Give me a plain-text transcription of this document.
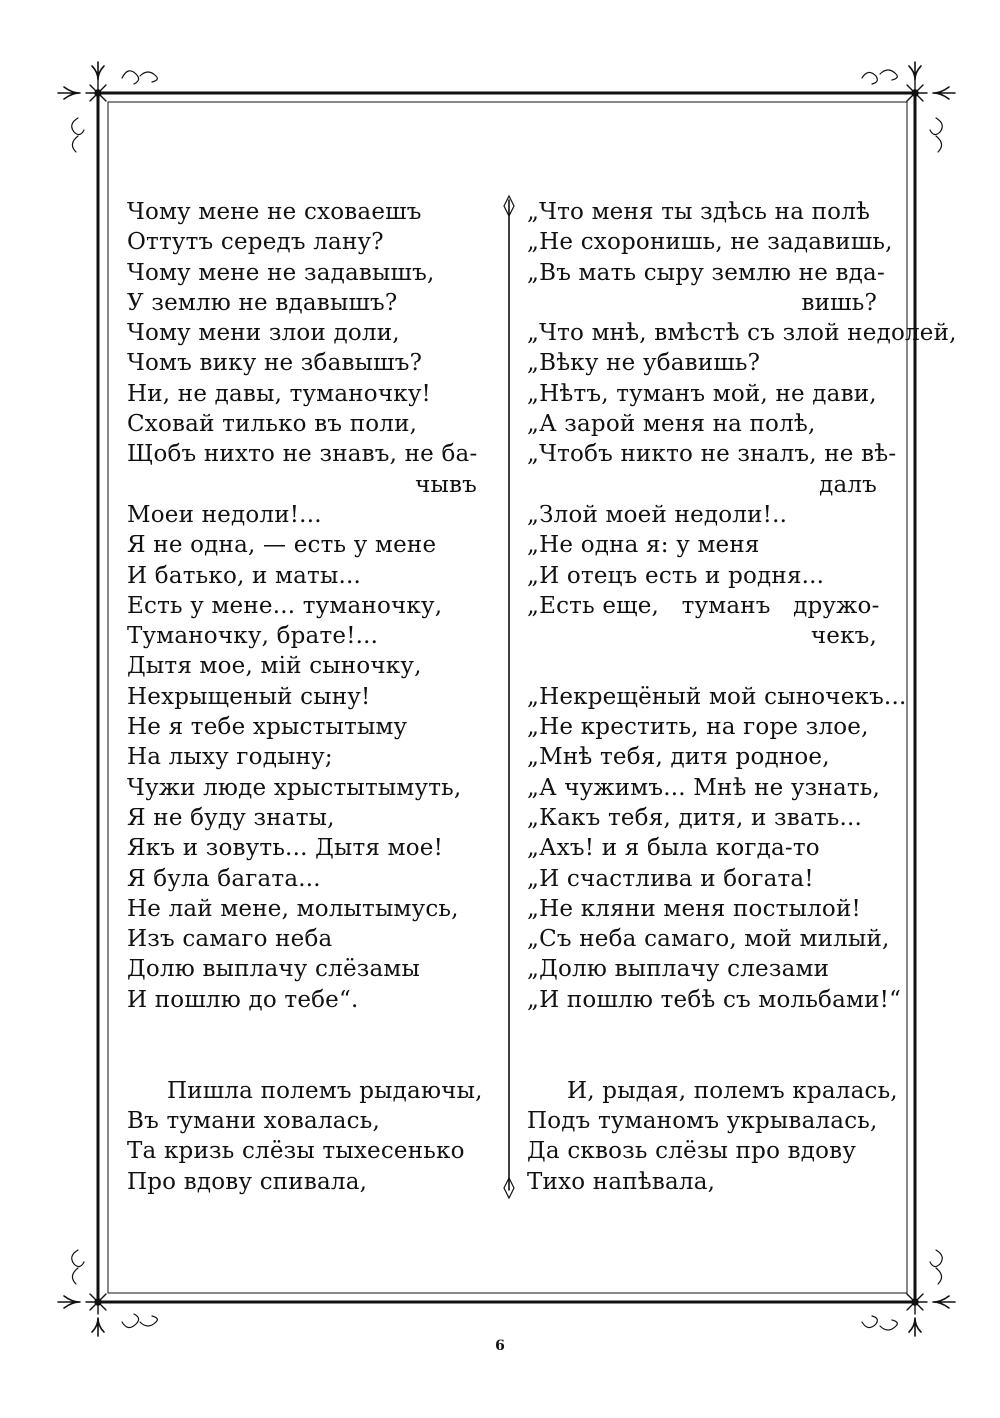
Чому мене не сховаешъ
Оттутъ середъ лану?
Чому мене не задавышъ,
У землю не вдавышъ?
Чому мени злои доли,
Чомъ вику не збавышъ?
Ни, не давы, туманочку!
Сховай тилько въ поли,
Щобъ нихто не знавъ, не ба-
чывъ
Моеи недоли!...
Я не одна, — есть у мене
И батько, и маты...
Есть у мене... туманочку,
Туманочку, брате!...
Дытя мое, мій сыночку,
Нехрыщеный сыну!
Не я тебе хрыстытыму
На лыху годыну;
Чужи люде хрыстытымуть,
Я не буду знаты,
Якъ и зовуть... Дытя мое!
Я була багата...
Не лай мене, молытымусь,
Изъ самаго неба
Долю выплачу слёзамы
И пошлю до тебе“.
Пишла полемъ рыдаючы,
Въ тумани ховалась,
Та кризь слёзы тыхесенько
Про вдову спивала,
„Что меня ты здѣсь на полѣ
„Не схоронишь, не задавишь,
„Въ мать сыру землю не вда-
вишь?
„Что мнѣ, вмѣстѣ съ злой недолей,
„Вѣку не убавишь?
„Нѣтъ, туманъ мой, не дави,
„А зарой меня на полѣ,
„Чтобъ никто не зналъ, не вѣ-
далъ
„Злой моей недоли!..
„Не одна я: у меня
„И отецъ есть и родня...
„Есть еще,   туманъ   дружо-
чекъ,
„Некрещёный мой сыночекъ...
„Не крестить, на горе злое,
„Мнѣ тебя, дитя родное,
„А чужимъ... Мнѣ не узнать,
„Какъ тебя, дитя, и звать...
„Ахъ! и я была когда-то
„И счастлива и богата!
„Не кляни меня постылой!
„Съ неба самаго, мой милый,
„Долю выплачу слезами
„И пошлю тебѣ съ мольбами!“
И, рыдая, полемъ кралась,
Подъ туманомъ укрывалась,
Да сквозь слёзы про вдову
Тихо напѣвала,
6
